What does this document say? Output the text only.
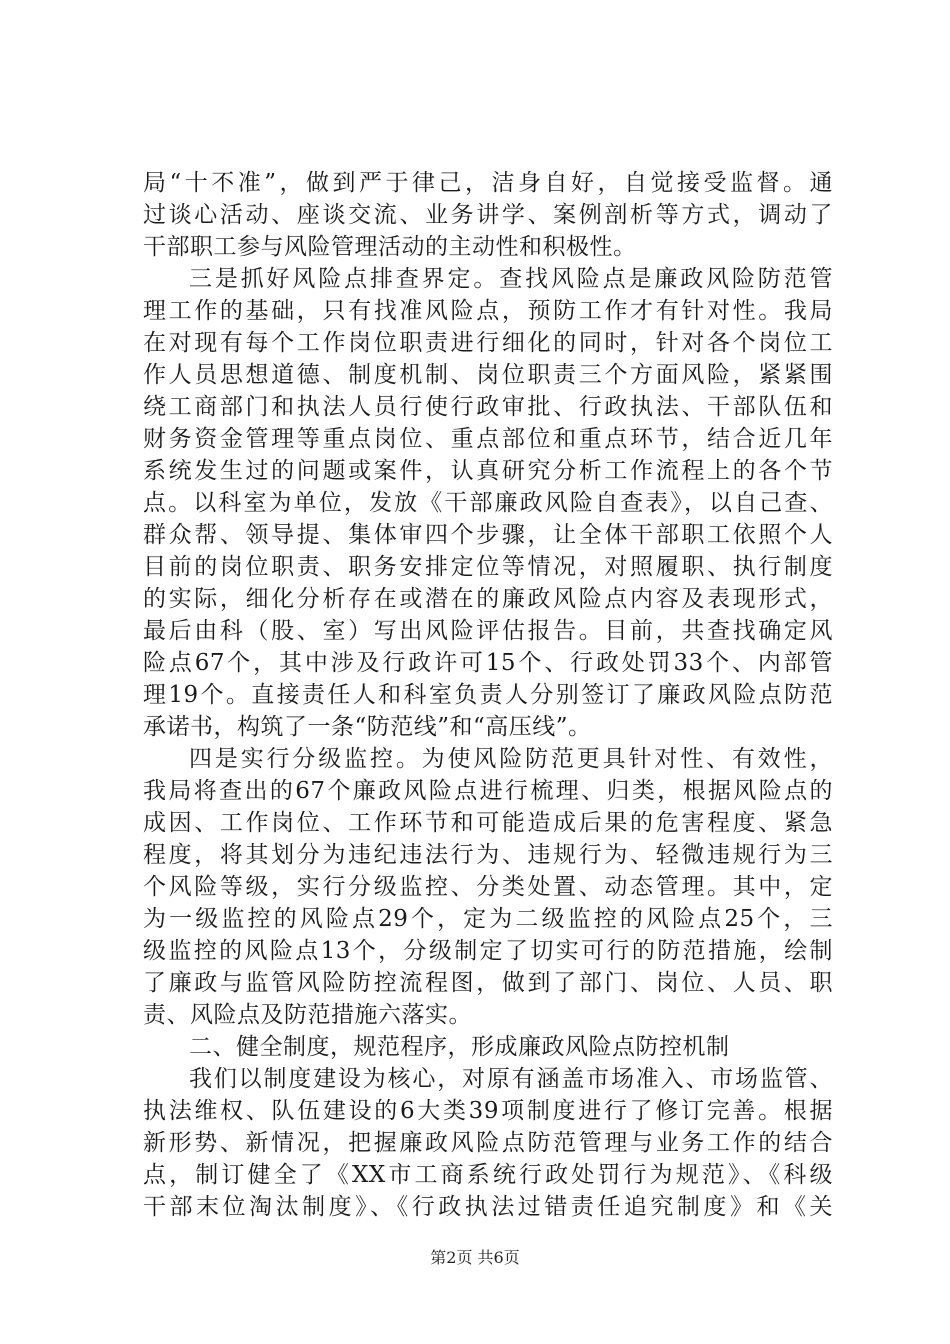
局“十不准”，做到严于律己，洁身自好，自觉接受监督。通
过谈心活动、座谈交流、业务讲学、案例剖析等方式，调动了
干部职工参与风险管理活动的主动性和积极性。
三是抓好风险点排查界定。查找风险点是廉政风险防范管
理工作的基础，只有找准风险点，预防工作才有针对性。我局
在对现有每个工作岗位职责进行细化的同时，针对各个岗位工
作人员思想道德、制度机制、岗位职责三个方面风险，紧紧围
绕工商部门和执法人员行使行政审批、行政执法、干部队伍和
财务资金管理等重点岗位、重点部位和重点环节，结合近几年
系统发生过的问题或案件，认真研究分析工作流程上的各个节
点。以科室为单位，发放《干部廉政风险自查表》，以自己查、
群众帮、领导提、集体审四个步骤，让全体干部职工依照个人
目前的岗位职责、职务安排定位等情况，对照履职、执行制度
的实际，细化分析存在或潜在的廉政风险点内容及表现形式，
最后由科（股、室）写出风险评估报告。目前，共查找确定风
险点67个，其中涉及行政许可15个、行政处罚33个、内部管
理19个。直接责任人和科室负责人分别签订了廉政风险点防范
承诺书，构筑了一条“防范线”和“高压线”。
四是实行分级监控。为使风险防范更具针对性、有效性，
我局将查出的67个廉政风险点进行梳理、归类，根据风险点的
成因、工作岗位、工作环节和可能造成后果的危害程度、紧急
程度，将其划分为违纪违法行为、违规行为、轻微违规行为三
个风险等级，实行分级监控、分类处置、动态管理。其中，定
为一级监控的风险点29个，定为二级监控的风险点25个，三
级监控的风险点13个，分级制定了切实可行的防范措施，绘制
了廉政与监管风险防控流程图，做到了部门、岗位、人员、职
责、风险点及防范措施六落实。
二、健全制度，规范程序，形成廉政风险点防控机制
我们以制度建设为核心，对原有涵盖市场准入、市场监管、
执法维权、队伍建设的6大类39项制度进行了修订完善。根据
新形势、新情况，把握廉政风险点防范管理与业务工作的结合
点，制订健全了《XX市工商系统行政处罚行为规范》、《科级
干部末位淘汰制度》、《行政执法过错责任追究制度》和《关
第2页 共6页
